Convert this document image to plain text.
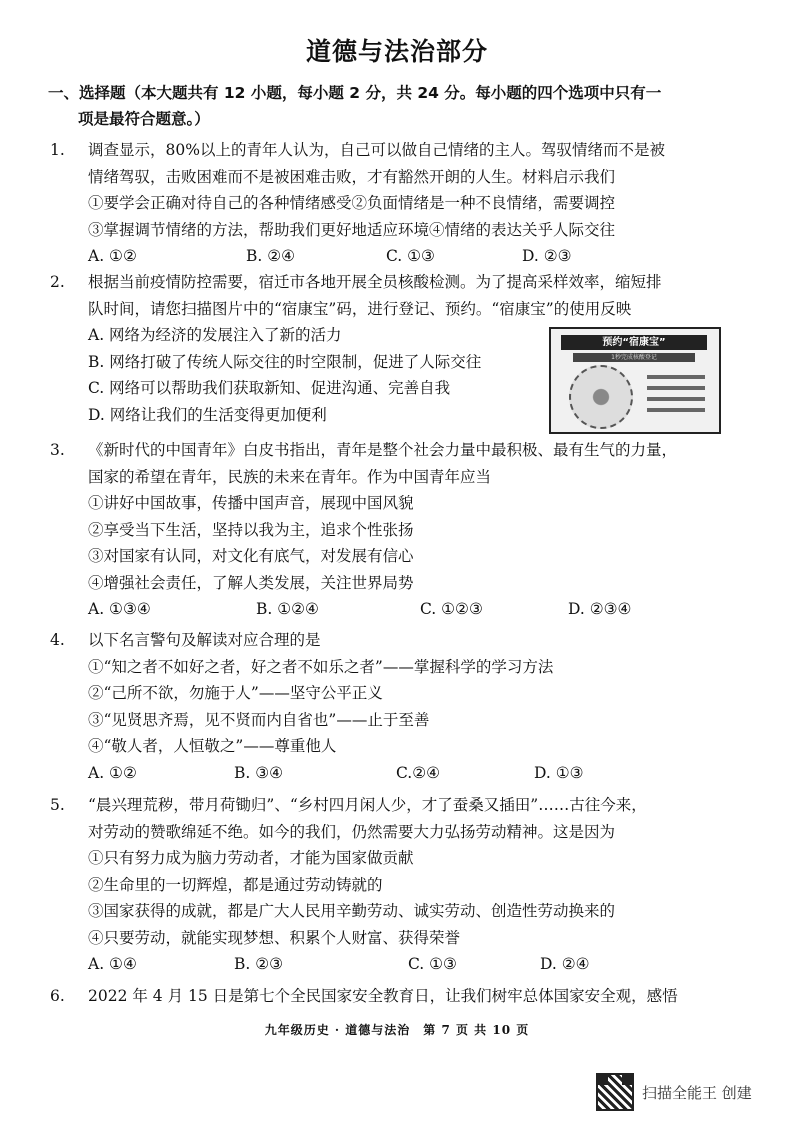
道德与法治部分
一、选择题（本大题共有 12 小题，每小题 2 分，共 24 分。每小题的四个选项中只有一
项是最符合题意。）
1. 调查显示，80%以上的青年人认为，自己可以做自己情绪的主人。驾驭情绪而不是被
情绪驾驭，击败困难而不是被困难击败，才有豁然开朗的人生。材料启示我们
①要学会正确对待自己的各种情绪感受②负面情绪是一种不良情绪，需要调控
③掌握调节情绪的方法，帮助我们更好地适应环境④情绪的表达关乎人际交往
A. ①②	B. ②④	C. ①③	D. ②③
2. 根据当前疫情防控需要，宿迁市各地开展全员核酸检测。为了提高采样效率，缩短排
队时间，请您扫描图片中的“宿康宝”码，进行登记、预约。“宿康宝”的使用反映
A. 网络为经济的发展注入了新的活力
B. 网络打破了传统人际交往的时空限制，促进了人际交往
C. 网络可以帮助我们获取新知、促进沟通、完善自我
D. 网络让我们的生活变得更加便利
预约“宿康宝”
1秒完成核酸登记
3. 《新时代的中国青年》白皮书指出，青年是整个社会力量中最积极、最有生气的力量，
国家的希望在青年，民族的未来在青年。作为中国青年应当
①讲好中国故事，传播中国声音，展现中国风貌
②享受当下生活，坚持以我为主，追求个性张扬
③对国家有认同，对文化有底气，对发展有信心
④增强社会责任，了解人类发展，关注世界局势
A. ①③④	B. ①②④	C. ①②③	D. ②③④
4. 以下名言警句及解读对应合理的是
①“知之者不如好之者，好之者不如乐之者”——掌握科学的学习方法
②“己所不欲，勿施于人”——坚守公平正义
③“见贤思齐焉，见不贤而内自省也”——止于至善
④“敬人者，人恒敬之”——尊重他人
A. ①②	B. ③④	C.②④	D. ①③
5. “晨兴理荒秽，带月荷锄归”、“乡村四月闲人少，才了蚕桑又插田”……古往今来，
对劳动的赞歌绵延不绝。如今的我们，仍然需要大力弘扬劳动精神。这是因为
①只有努力成为脑力劳动者，才能为国家做贡献
②生命里的一切辉煌，都是通过劳动铸就的
③国家获得的成就，都是广大人民用辛勤劳动、诚实劳动、创造性劳动换来的
④只要劳动，就能实现梦想、积累个人财富、获得荣誉
A. ①④	B. ②③	C. ①③	D. ②④
6. 2022 年 4 月 15 日是第七个全民国家安全教育日，让我们树牢总体国家安全观，感悟
九年级历史 · 道德与法治　第 7 页 共 10 页
扫描全能王 创建
